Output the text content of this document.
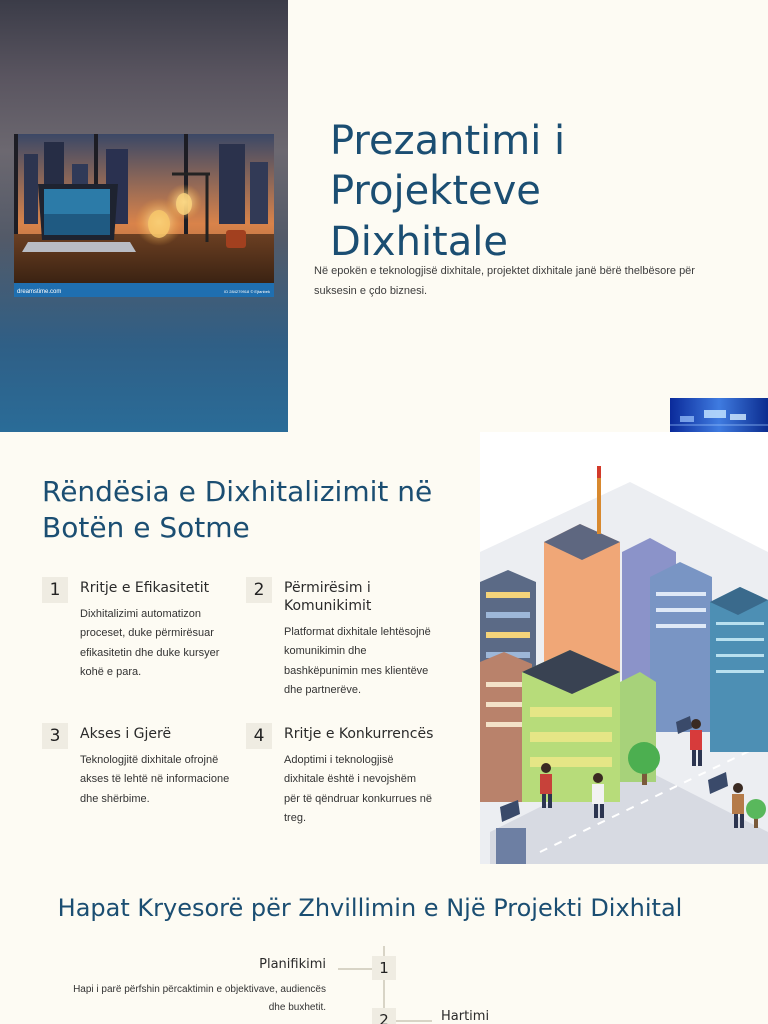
dreamstime.com	ID 284279918 © Ejtanbek
Prezantimi i Projekteve Dixhitale

Në epokën e teknologjisë dixhitale, projektet dixhitale janë bërë thelbësore për suksesin e çdo biznesi.

Rëndësia e Dixhitalizimit në Botën e Sotme
1	Rritje e Efikasitetit
Dixhitalizimi automatizon proceset, duke përmirësuar efikasitetin dhe duke kursyer kohë e para.
2	Përmirësim i Komunikimit
Platformat dixhitale lehtësojnë komunikimin dhe bashkëpunimin mes klientëve dhe partnerëve.
3	Akses i Gjerë
Teknologjitë dixhitale ofrojnë akses të lehtë në informacione dhe shërbime.
4	Rritje e Konkurrencës
Adoptimi i teknologjisë dixhitale është i nevojshëm për të qëndruar konkurrues në treg.
Hapat Kryesorë për Zhvillimin e Një Projekti Dixhital
1
Planifikimi
Hapi i parë përfshin përcaktimin e objektivave, audiencës dhe buxhetit.
2	Hartimi
